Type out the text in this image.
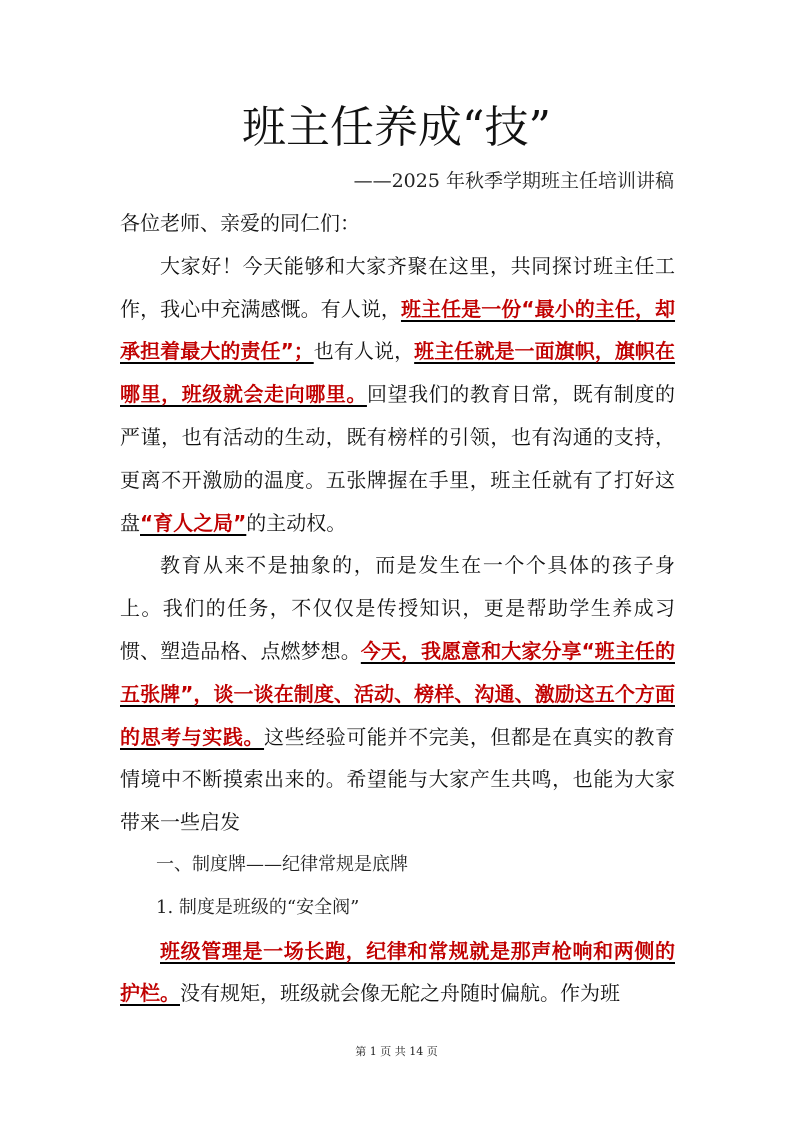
班主任养成“技”
——2025 年秋季学期班主任培训讲稿

各位老师、亲爱的同仁们：

大家好！今天能够和大家齐聚在这里，共同探讨班主任工作，我心中充满感慨。有人说，班主任是一份“最小的主任，却承担着最大的责任”；也有人说，班主任就是一面旗帜，旗帜在哪里，班级就会走向哪里。回望我们的教育日常，既有制度的严谨，也有活动的生动，既有榜样的引领，也有沟通的支持，更离不开激励的温度。五张牌握在手里，班主任就有了打好这盘“育人之局”的主动权。

教育从来不是抽象的，而是发生在一个个具体的孩子身上。我们的任务，不仅仅是传授知识，更是帮助学生养成习惯、塑造品格、点燃梦想。今天，我愿意和大家分享“班主任的五张牌”，谈一谈在制度、活动、榜样、沟通、激励这五个方面的思考与实践。这些经验可能并不完美，但都是在真实的教育情境中不断摸索出来的。希望能与大家产生共鸣，也能为大家带来一些启发

一、制度牌——纪律常规是底牌

1. 制度是班级的“安全阀”

班级管理是一场长跑，纪律和常规就是那声枪响和两侧的护栏。没有规矩，班级就会像无舵之舟随时偏航。作为班

第 1 页 共 14 页
